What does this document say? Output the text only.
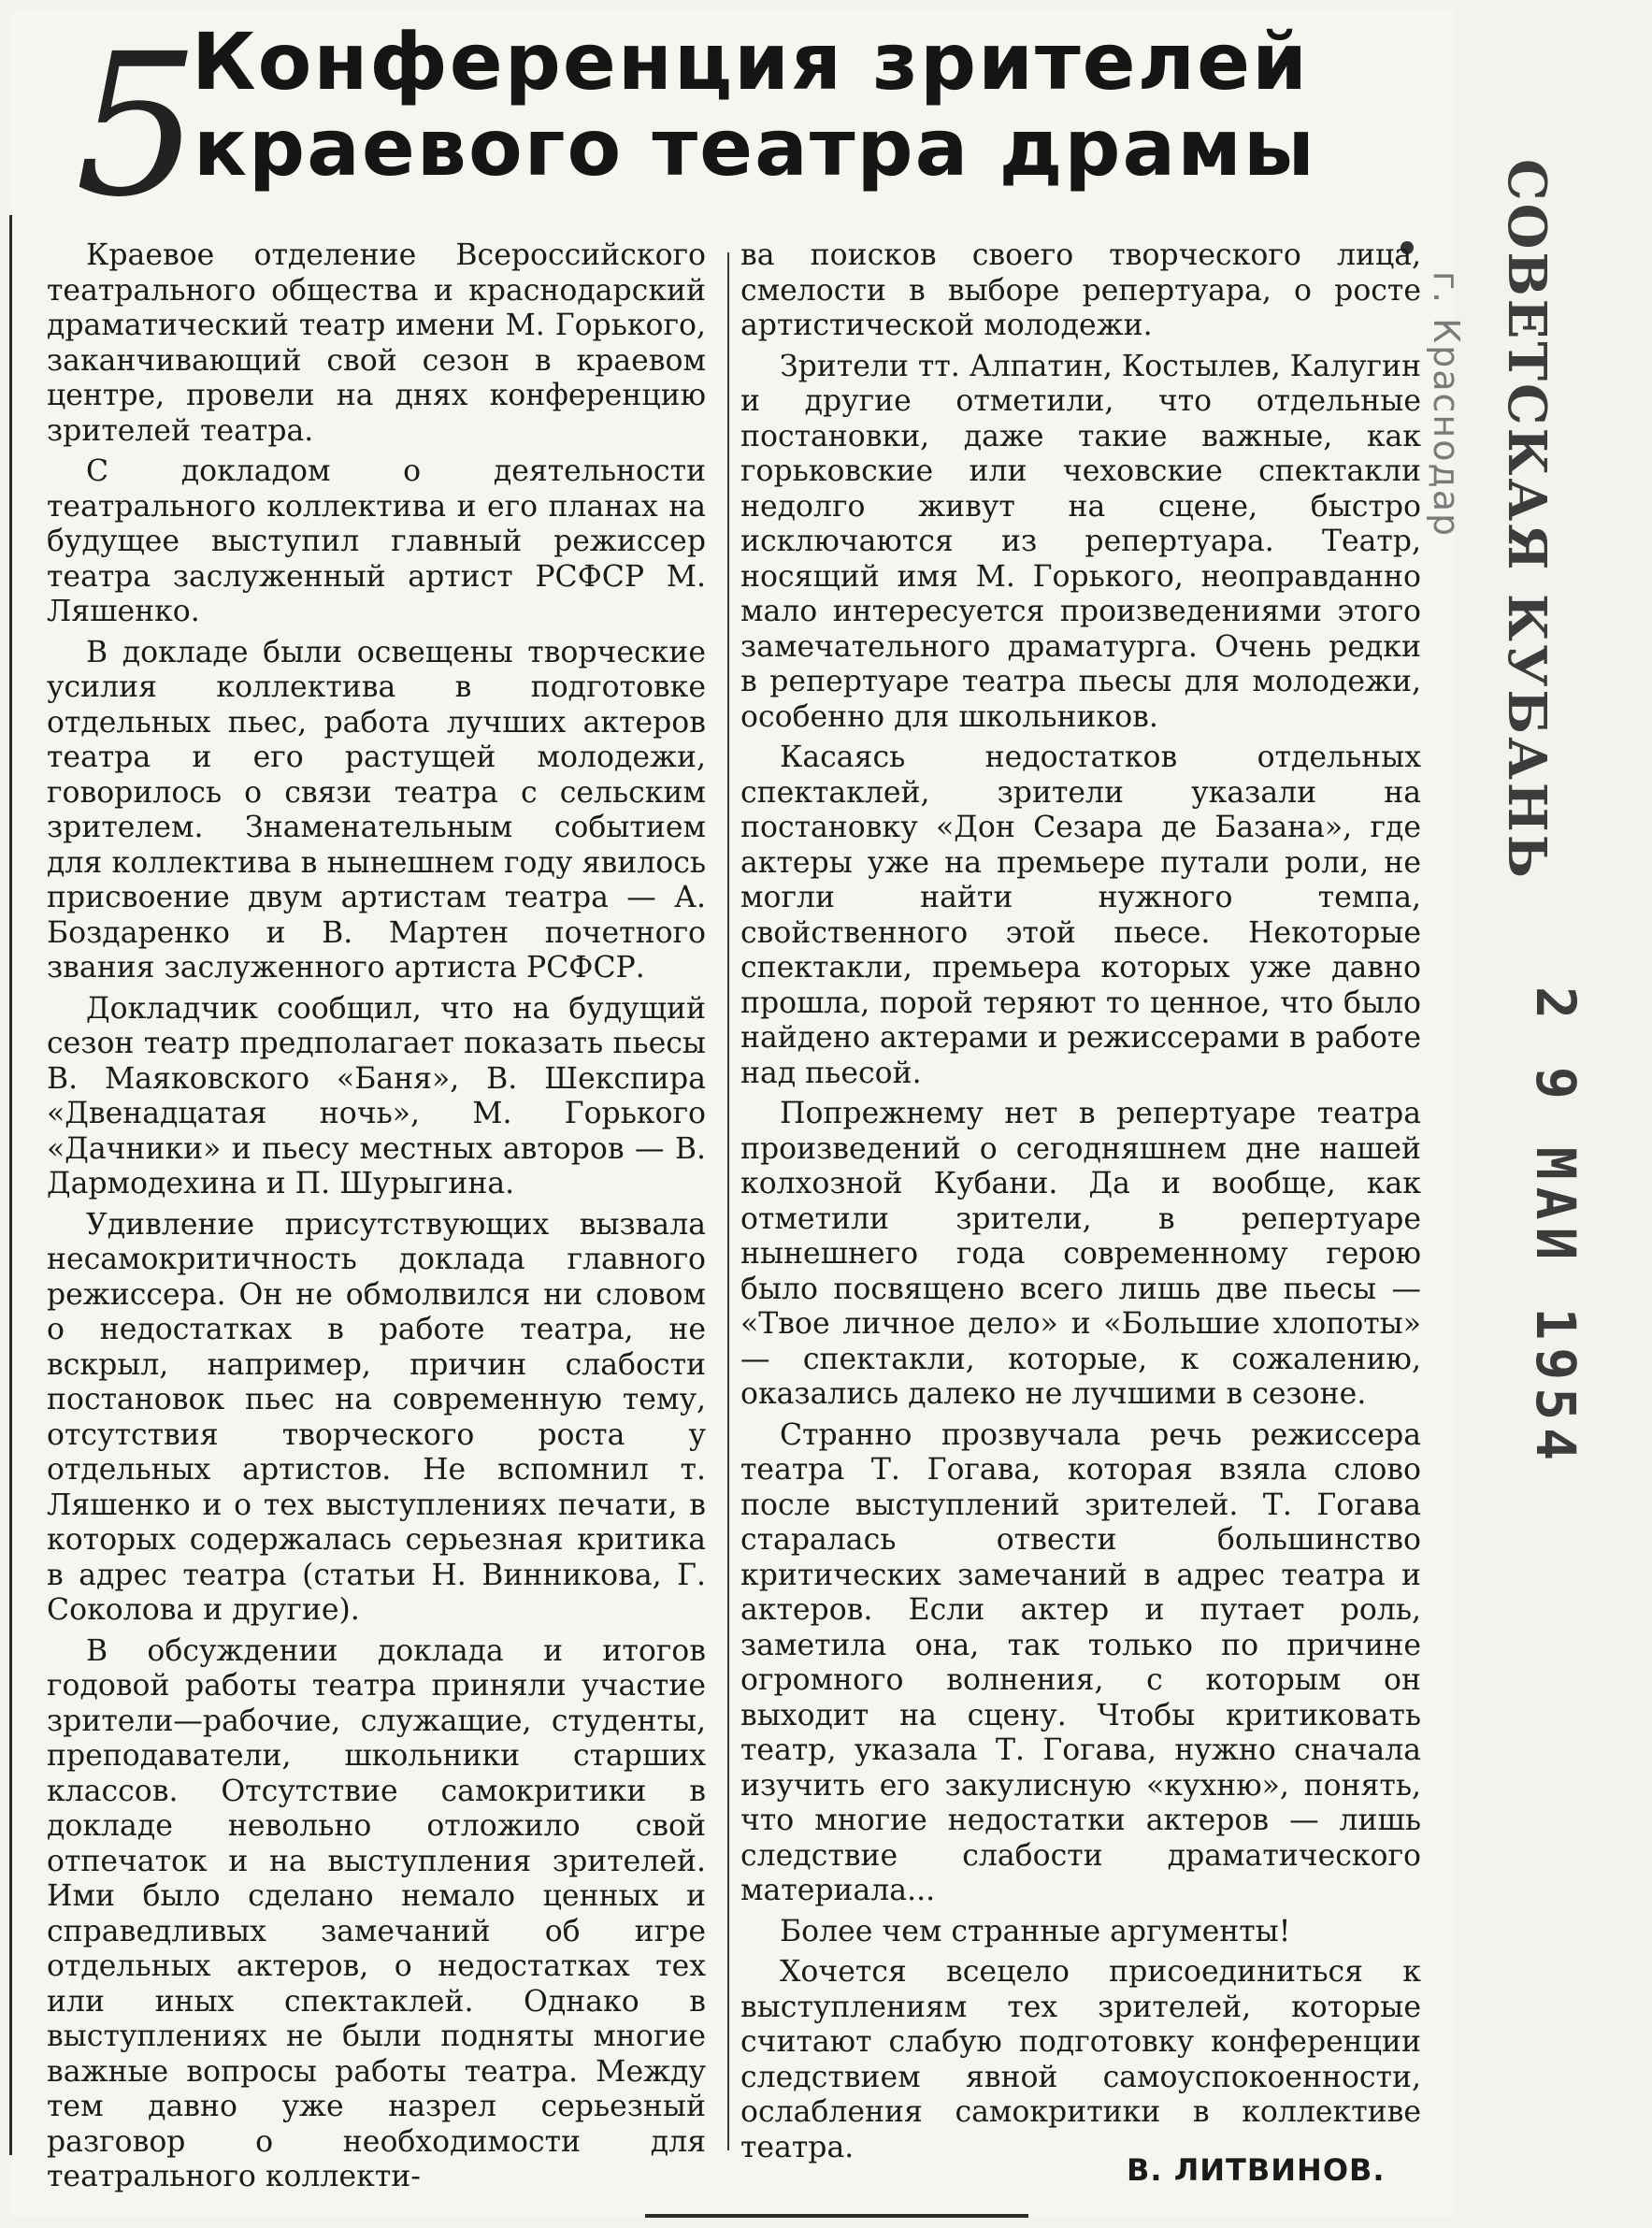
5
Конференция зрителей
краевого театра драмы

Краевое отделение Всероссийского театрального общества и краснодарский драматический театр имени М. Горького, заканчивающий свой сезон в краевом центре, провели на днях конференцию зрителей театра.

С докладом о деятельности театрального коллектива и его планах на будущее выступил главный режиссер театра заслуженный артист РСФСР М. Ляшенко.

В докладе были освещены творческие усилия коллектива в подготовке отдельных пьес, работа лучших актеров театра и его растущей молодежи, говорилось о связи театра с сельским зрителем. Знаменательным событием для коллектива в нынешнем году явилось присвоение двум артистам театра — А. Боздаренко и В. Мартен почетного звания заслуженного артиста РСФСР.

Докладчик сообщил, что на будущий сезон театр предполагает показать пьесы В. Маяковского «Баня», В. Шекспира «Двенадцатая ночь», М. Горького «Дачники» и пьесу местных авторов — В. Дармодехина и П. Шурыгина.

Удивление присутствующих вызвала несамокритичность доклада главного режиссера. Он не обмолвился ни словом о недостатках в работе театра, не вскрыл, например, причин слабости постановок пьес на современную тему, отсутствия творческого роста у отдельных артистов. Не вспомнил т. Ляшенко и о тех выступлениях печати, в которых содержалась серьезная критика в адрес театра (статьи Н. Винникова, Г. Соколова и другие).

В обсуждении доклада и итогов годовой работы театра приняли участие зрители—рабочие, служащие, студенты, преподаватели, школьники старших классов. Отсутствие самокритики в докладе невольно отложило свой отпечаток и на выступления зрителей. Ими было сделано немало ценных и справедливых замечаний об игре отдельных актеров, о недостатках тех или иных спектаклей. Однако в выступлениях не были подняты многие важные вопросы работы театра. Между тем давно уже назрел серьезный разговор о необходимости для театрального коллекти-

ва поисков своего творческого лица, смелости в выборе репертуара, о росте артистической молодежи.

Зрители тт. Алпатин, Костылев, Калугин и другие отметили, что отдельные постановки, даже такие важные, как горьковские или чеховские спектакли недолго живут на сцене, быстро исключаются из репертуара. Театр, носящий имя М. Горького, неоправданно мало интересуется произведениями этого замечательного драматурга. Очень редки в репертуаре театра пьесы для молодежи, особенно для школьников.

Касаясь недостатков отдельных спектаклей, зрители указали на постановку «Дон Сезара де Базана», где актеры уже на премьере путали роли, не могли найти нужного темпа, свойственного этой пьесе. Некоторые спектакли, премьера которых уже давно прошла, порой теряют то ценное, что было найдено актерами и режиссерами в работе над пьесой.

Попрежнему нет в репертуаре театра произведений о сегодняшнем дне нашей колхозной Кубани. Да и вообще, как отметили зрители, в репертуаре нынешнего года современному герою было посвящено всего лишь две пьесы — «Твое личное дело» и «Большие хлопоты» — спектакли, которые, к сожалению, оказались далеко не лучшими в сезоне.

Странно прозвучала речь режиссера театра Т. Гогава, которая взяла слово после выступлений зрителей. Т. Гогава старалась отвести большинство критических замечаний в адрес театра и актеров. Если актер и путает роль, заметила она, так только по причине огромного волнения, с которым он выходит на сцену. Чтобы критиковать театр, указала Т. Гогава, нужно сначала изучить его закулисную «кухню», понять, что многие недостатки актеров — лишь следствие слабости драматического материала...

Более чем странные аргументы!

Хочется всецело присоединиться к выступлениям тех зрителей, которые считают слабую подготовку конференции следствием явной самоуспокоенности, ослабления самокритики в коллективе театра.

В. ЛИТВИНОВ.
СОВЕТСКАЯ КУБАНЬ
г. Краснодар
2 9 МАИ 1954
